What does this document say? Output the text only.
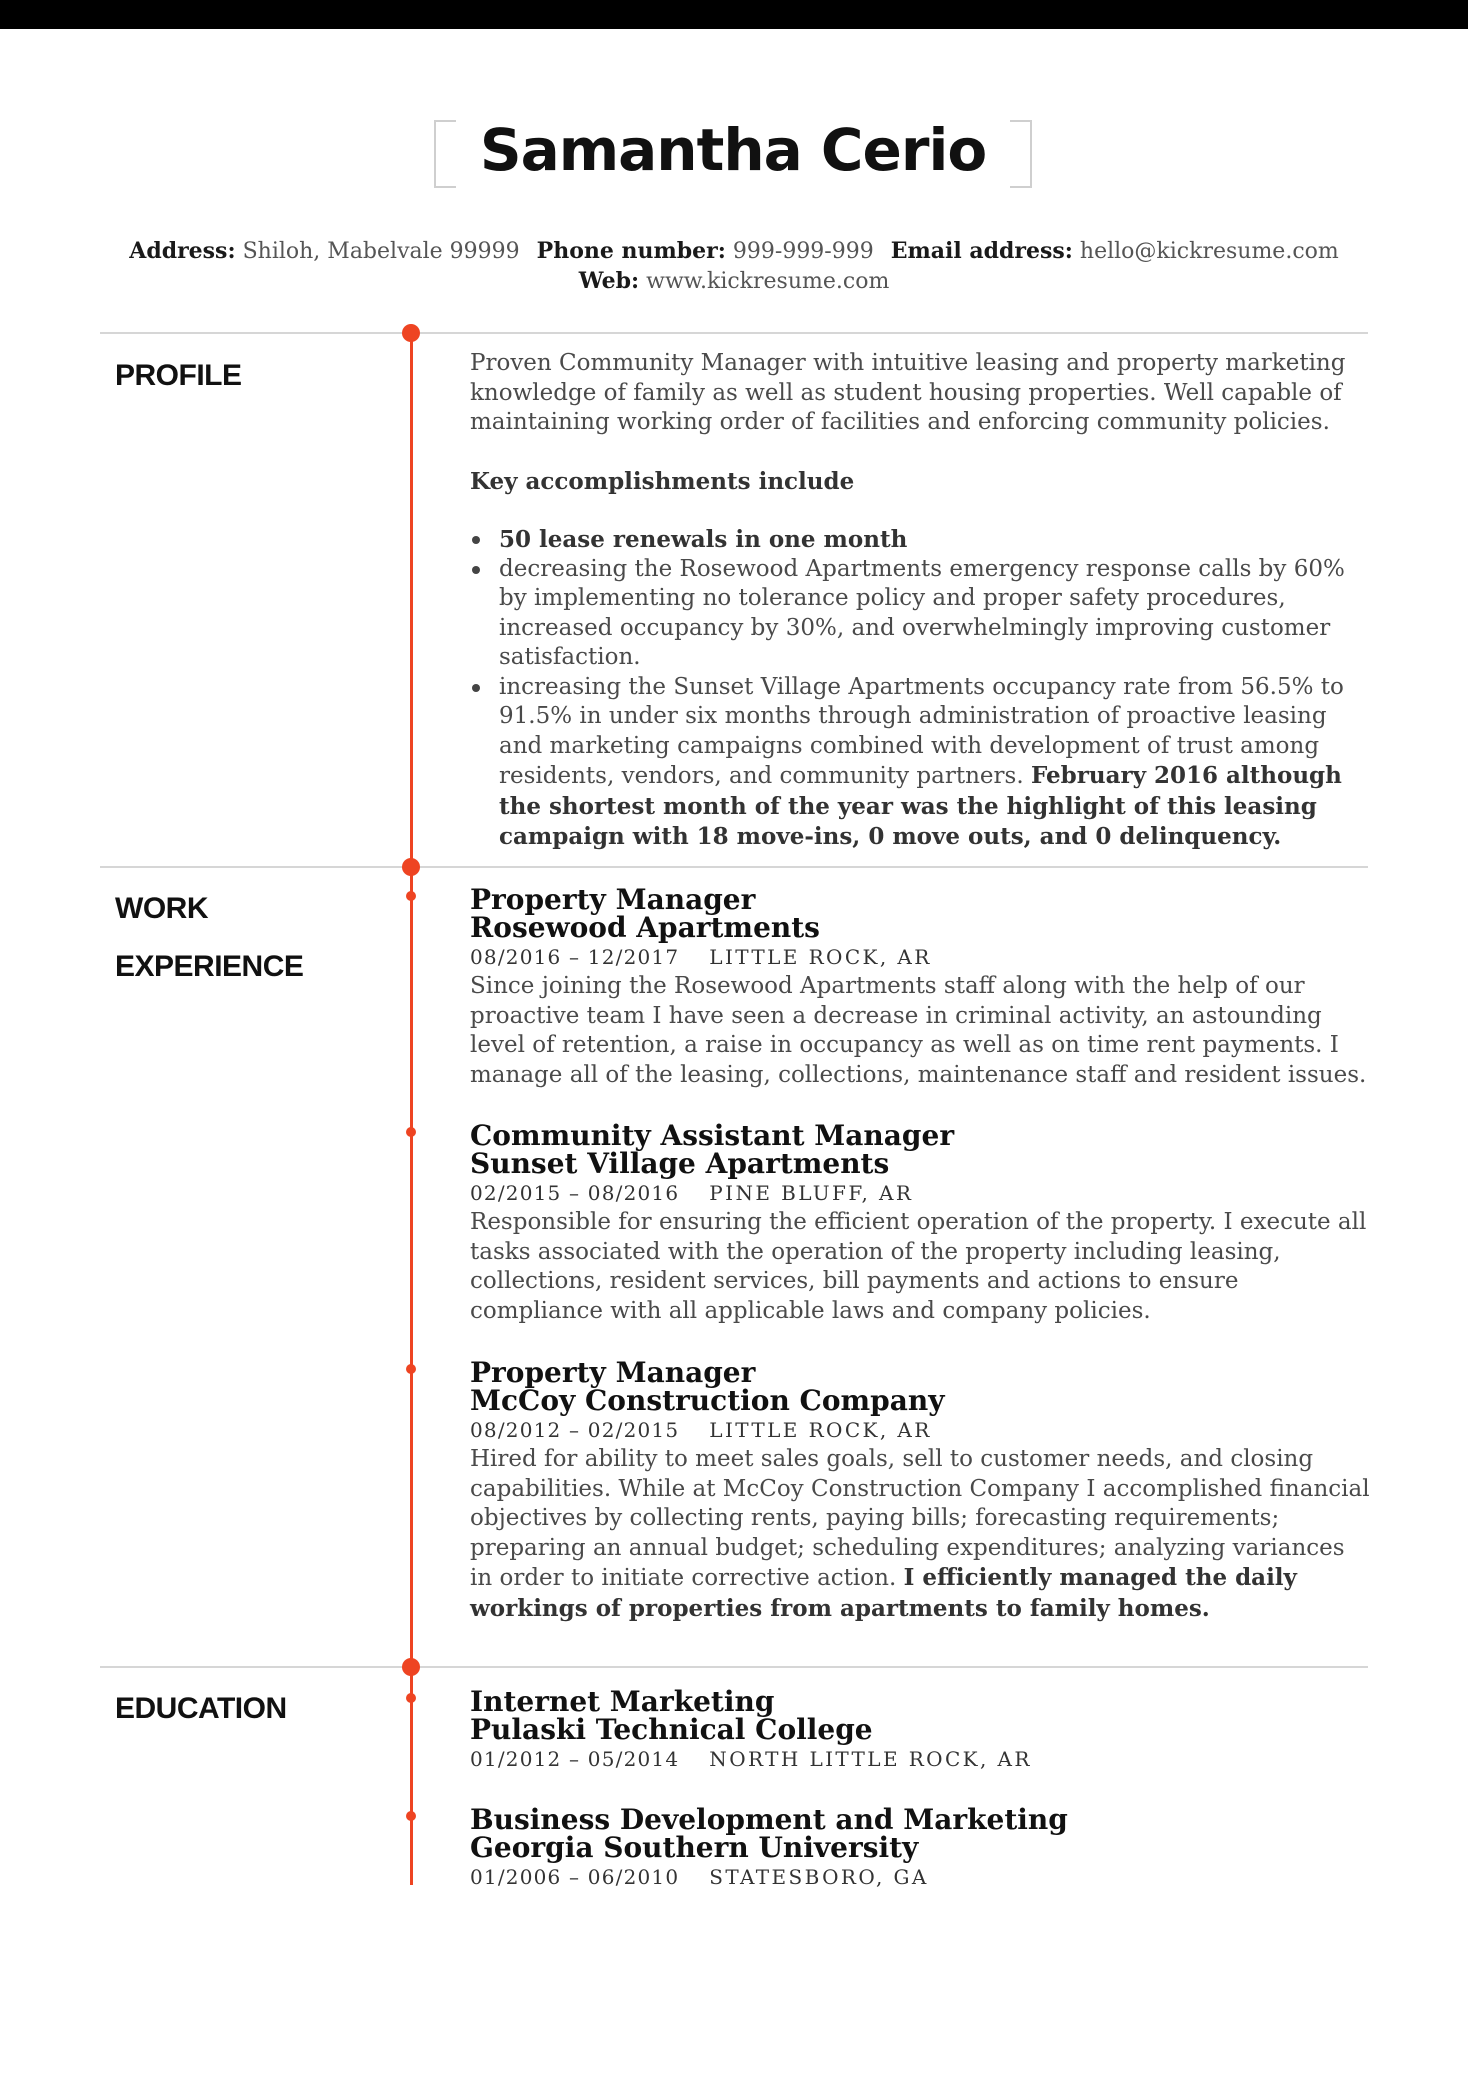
Samantha Cerio
Address: Shiloh, Mabelvale 99999 Phone number: 999-999-999 Email address: hello@kickresume.com
Web: www.kickresume.com
PROFILE	Proven Community Manager with intuitive leasing and property marketing knowledge of family as well as student housing properties. Well capable of maintaining working order of facilities and enforcing community policies.

Key accomplishments include

50 lease renewals in one month
decreasing the Rosewood Apartments emergency response calls by 60% by implementing no tolerance policy and proper safety procedures, increased occupancy by 30%, and overwhelmingly improving customer satisfaction.
increasing the Sunset Village Apartments occupancy rate from 56.5% to 91.5% in under six months through administration of proactive leasing and marketing campaigns combined with development of trust among residents, vendors, and community partners. February 2016 although the shortest month of the year was the highlight of this leasing campaign with 18 move-ins, 0 move outs, and 0 delinquency.
WORK
EXPERIENCE
Property Manager
Rosewood Apartments
08/2016 – 12/2017 LITTLE ROCK, AR
Since joining the Rosewood Apartments staff along with the help of our proactive team I have seen a decrease in criminal activity, an astounding level of retention, a raise in occupancy as well as on time rent payments. I manage all of the leasing, collections, maintenance staff and resident issues.
Community Assistant Manager
Sunset Village Apartments
02/2015 – 08/2016 PINE BLUFF, AR
Responsible for ensuring the efficient operation of the property. I execute all tasks associated with the operation of the property including leasing, collections, resident services, bill payments and actions to ensure compliance with all applicable laws and company policies.
Property Manager
McCoy Construction Company
08/2012 – 02/2015 LITTLE ROCK, AR
Hired for ability to meet sales goals, sell to customer needs, and closing capabilities. While at McCoy Construction Company I accomplished financial objectives by collecting rents, paying bills; forecasting requirements; preparing an annual budget; scheduling expenditures; analyzing variances in order to initiate corrective action. I efficiently managed the daily workings of properties from apartments to family homes.
EDUCATION	Internet Marketing
Pulaski Technical College
01/2012 – 05/2014 NORTH LITTLE ROCK, AR
Business Development and Marketing
Georgia Southern University
01/2006 – 06/2010 STATESBORO, GA
